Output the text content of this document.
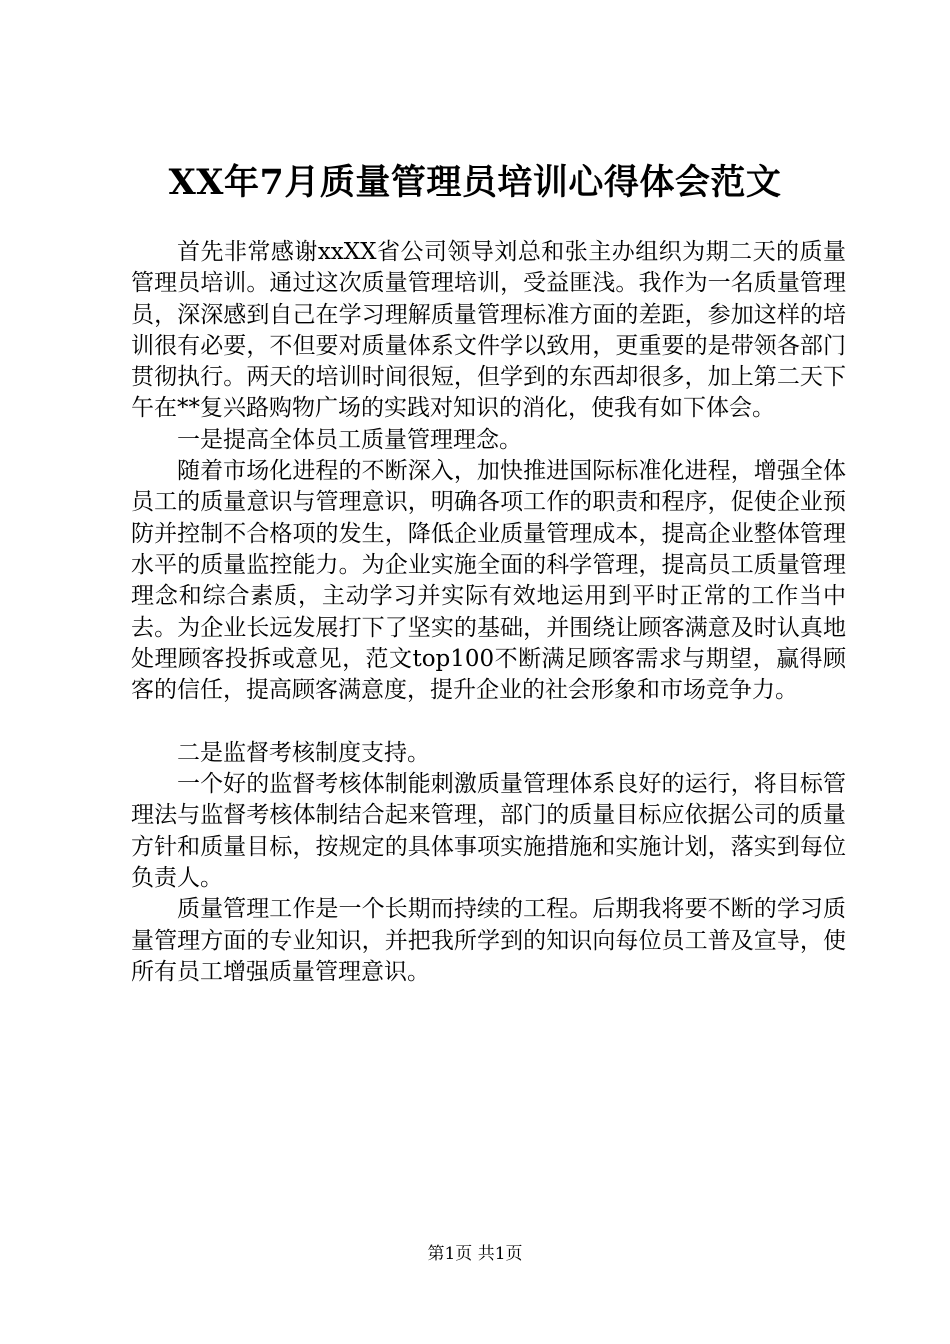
XX年7月质量管理员培训心得体会范文

首先非常感谢xxXX省公司领导刘总和张主办组织为期二天的质量管理员培训。通过这次质量管理培训，受益匪浅。我作为一名质量管理员，深深感到自己在学习理解质量管理标准方面的差距，参加这样的培训很有必要，不但要对质量体系文件学以致用，更重要的是带领各部门贯彻执行。两天的培训时间很短，但学到的东西却很多，加上第二天下午在**复兴路购物广场的实践对知识的消化，使我有如下体会。

一是提高全体员工质量管理理念。

随着市场化进程的不断深入，加快推进国际标准化进程，增强全体员工的质量意识与管理意识，明确各项工作的职责和程序，促使企业预防并控制不合格项的发生，降低企业质量管理成本，提高企业整体管理水平的质量监控能力。为企业实施全面的科学管理，提高员工质量管理理念和综合素质，主动学习并实际有效地运用到平时正常的工作当中去。为企业长远发展打下了坚实的基础，并围绕让顾客满意及时认真地处理顾客投拆或意见，范文top100不断满足顾客需求与期望，赢得顾客的信任，提高顾客满意度，提升企业的社会形象和市场竞争力。

二是监督考核制度支持。

一个好的监督考核体制能刺激质量管理体系良好的运行，将目标管理法与监督考核体制结合起来管理，部门的质量目标应依据公司的质量方针和质量目标，按规定的具体事项实施措施和实施计划，落实到每位负责人。

质量管理工作是一个长期而持续的工程。后期我将要不断的学习质量管理方面的专业知识，并把我所学到的知识向每位员工普及宣导，使所有员工增强质量管理意识。

第1页 共1页
